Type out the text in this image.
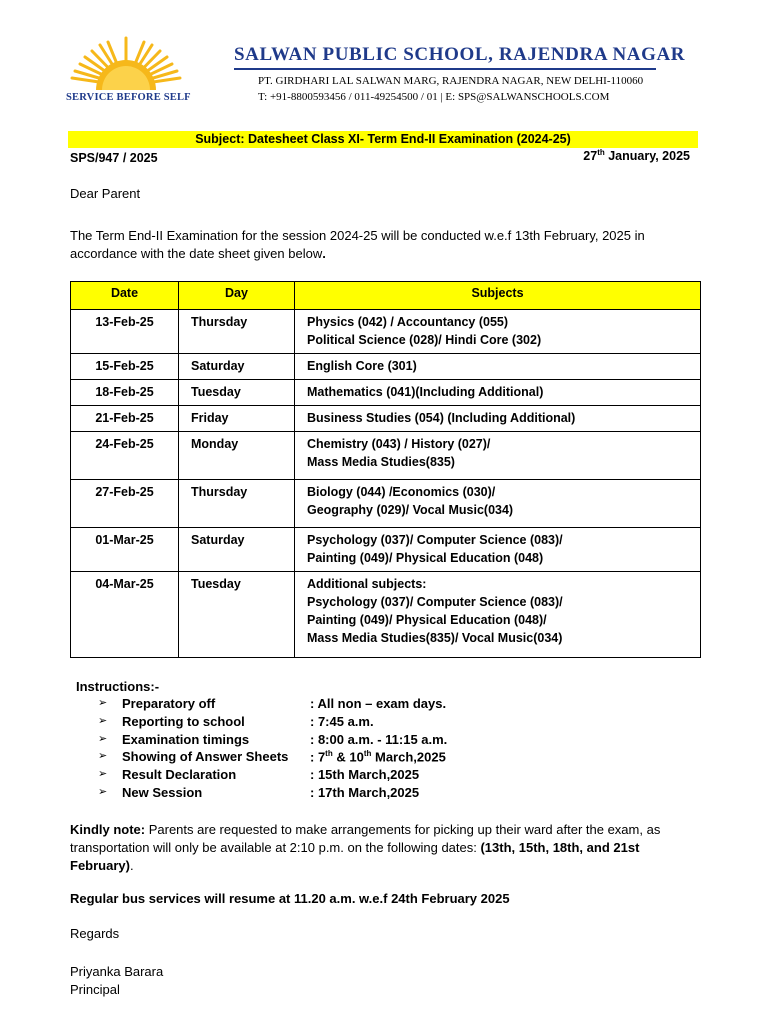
SERVICE BEFORE SELF
SALWAN PUBLIC SCHOOL, RAJENDRA NAGAR
PT. GIRDHARI LAL SALWAN MARG, RAJENDRA NAGAR, NEW DELHI-110060
T: +91-8800593456 / 011-49254500 / 01 | E: SPS@SALWANSCHOOLS.COM
Subject: Datesheet Class XI- Term End-II Examination (2024-25)
SPS/947 / 2025	27th January, 2025
Dear Parent
The Term End-II Examination for the session 2024-25 will be conducted w.e.f 13th February, 2025 in accordance with the date sheet given below.
Date	Day	Subjects
13-Feb-25	Thursday	Physics (042) / Accountancy (055)
Political Science (028)/ Hindi Core (302)

15-Feb-25	Saturday	English Core (301)

18-Feb-25	Tuesday	Mathematics (041)(Including Additional)

21-Feb-25	Friday	Business Studies (054) (Including Additional)

24-Feb-25	Monday	Chemistry (043) / History (027)/
Mass Media Studies(835)

27-Feb-25	Thursday	Biology (044) /Economics (030)/
Geography (029)/ Vocal Music(034)

01-Mar-25	Saturday	Psychology (037)/ Computer Science (083)/
Painting (049)/ Physical Education (048)

04-Mar-25	Tuesday	Additional subjects:
Psychology (037)/ Computer Science (083)/
Painting (049)/ Physical Education (048)/
Mass Media Studies(835)/ Vocal Music(034)
Instructions:-
➢ Preparatory off	: All non – exam days.
➢ Reporting to school	: 7:45 a.m.
➢ Examination timings	: 8:00 a.m. - 11:15 a.m.
➢ Showing of Answer Sheets : 7th & 10th March,2025
➢ Result Declaration	: 15th March,2025
➢ New Session	: 17th March,2025
Kindly note: Parents are requested to make arrangements for picking up their ward after the exam, as transportation will only be available at 2:10 p.m. on the following dates: (13th, 15th, 18th, and 21st February).
Regular bus services will resume at 11.20 a.m. w.e.f 24th February 2025
Regards
Priyanka Barara
Principal
